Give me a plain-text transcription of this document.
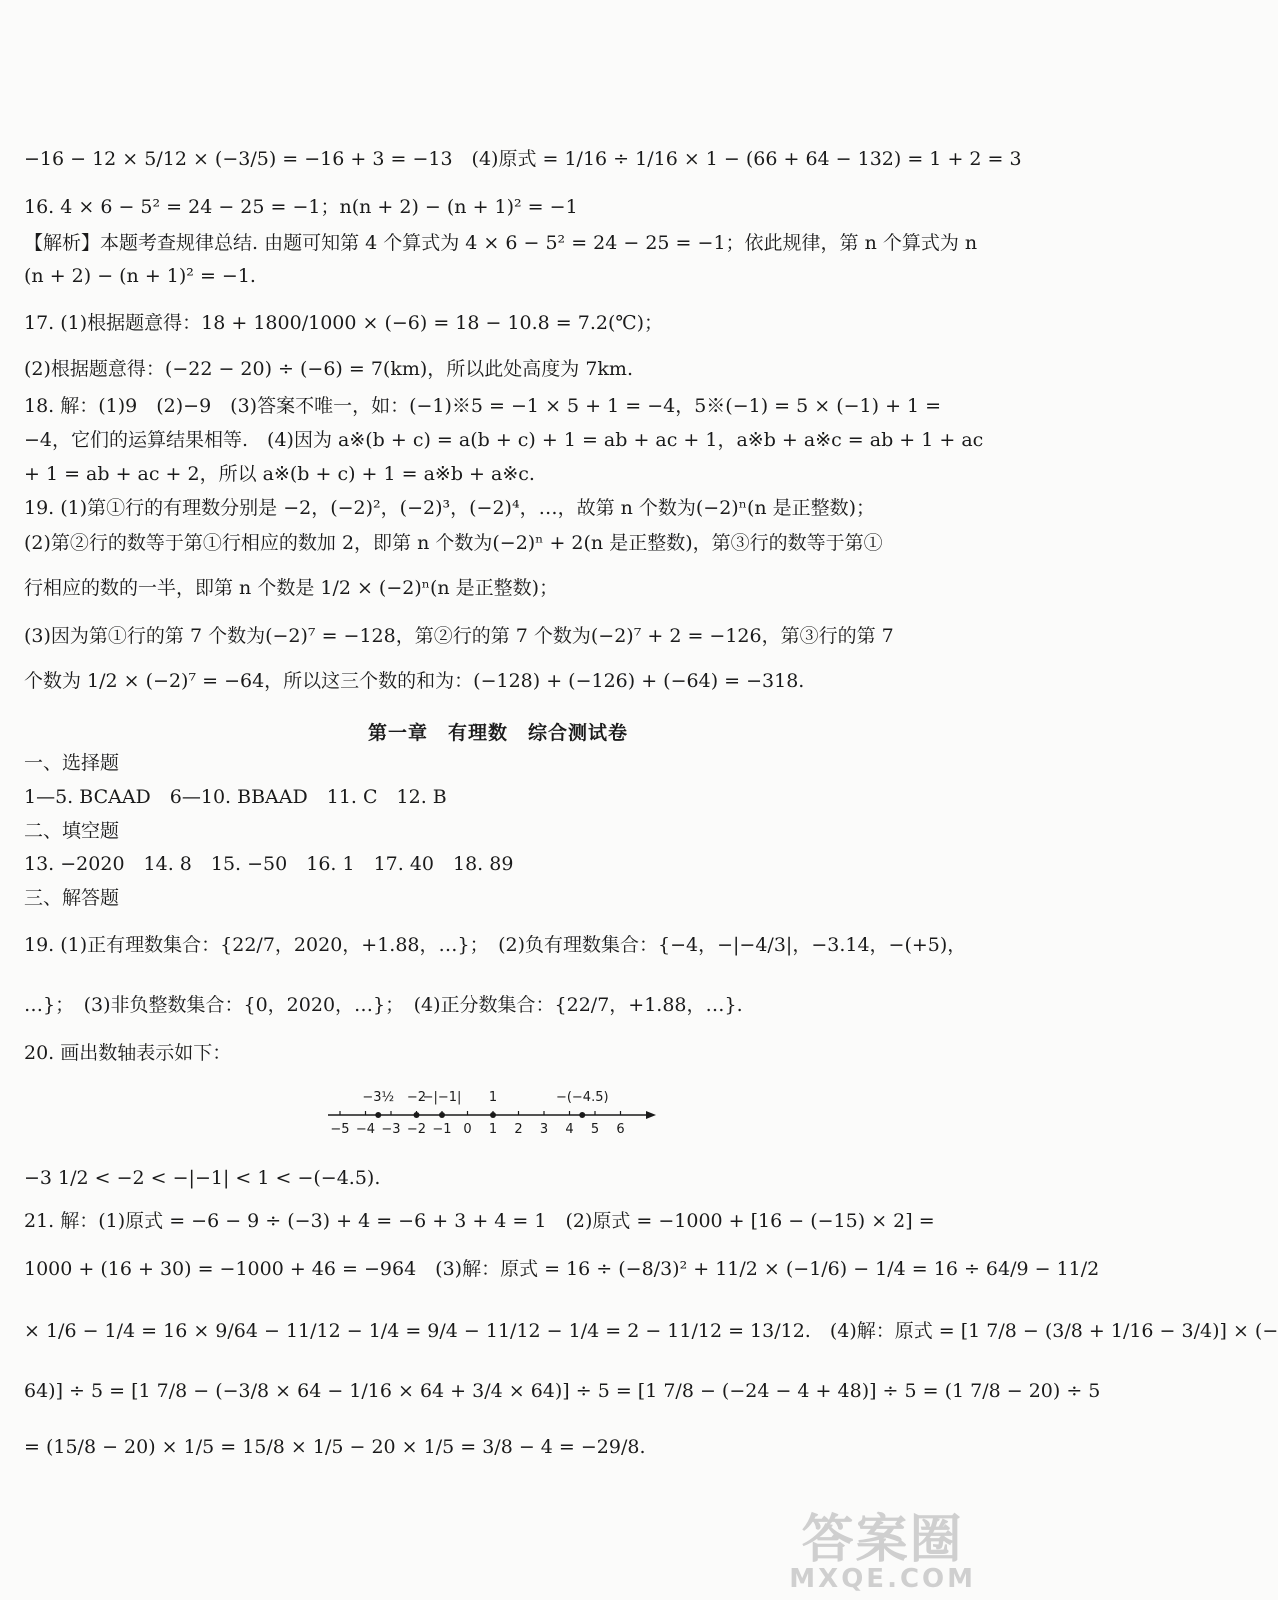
−16 − 12 × 5/12 × (−3/5) = −16 + 3 = −13　(4)原式 = 1/16 ÷ 1/16 × 1 − (66 + 64 − 132) = 1 + 2 = 3
16. 4 × 6 − 5² = 24 − 25 = −1；n(n + 2) − (n + 1)² = −1
【解析】本题考查规律总结. 由题可知第 4 个算式为 4 × 6 − 5² = 24 − 25 = −1；依此规律，第 n 个算式为 n
(n + 2) − (n + 1)² = −1.
17. (1)根据题意得：18 + 1800/1000 × (−6) = 18 − 10.8 = 7.2(℃)；
(2)根据题意得：(−22 − 20) ÷ (−6) = 7(km)，所以此处高度为 7km.
18. 解：(1)9　(2)−9　(3)答案不唯一，如：(−1)※5 = −1 × 5 + 1 = −4，5※(−1) = 5 × (−1) + 1 =
−4，它们的运算结果相等.　(4)因为 a※(b + c) = a(b + c) + 1 = ab + ac + 1，a※b + a※c = ab + 1 + ac
+ 1 = ab + ac + 2，所以 a※(b + c) + 1 = a※b + a※c.
19. (1)第①行的有理数分别是 −2，(−2)²，(−2)³，(−2)⁴，…，故第 n 个数为(−2)ⁿ(n 是正整数)；
(2)第②行的数等于第①行相应的数加 2，即第 n 个数为(−2)ⁿ + 2(n 是正整数)，第③行的数等于第①
行相应的数的一半，即第 n 个数是 1/2 × (−2)ⁿ(n 是正整数)；
(3)因为第①行的第 7 个数为(−2)⁷ = −128，第②行的第 7 个数为(−2)⁷ + 2 = −126，第③行的第 7
个数为 1/2 × (−2)⁷ = −64，所以这三个数的和为：(−128) + (−126) + (−64) = −318.
第一章　有理数　综合测试卷
一、选择题
1—5. BCAAD　6—10. BBAAD　11. C　12. B
二、填空题
13. −2020　14. 8　15. −50　16. 1　17. 40　18. 89
三、解答题
19. (1)正有理数集合：{22/7，2020，+1.88，…}；　(2)负有理数集合：{−4，−|−4/3|，−3.14，−(+5)，
…}；　(3)非负整数集合：{0，2020，…}；　(4)正分数集合：{22/7，+1.88，…}.
20. 画出数轴表示如下：
−5 −4 −3 −2 −1 0 1 2 3 4 5 6
−3½ −2
−|−1| 1	−(−4.5)
−3 1/2 < −2 < −|−1| < 1 < −(−4.5).
21. 解：(1)原式 = −6 − 9 ÷ (−3) + 4 = −6 + 3 + 4 = 1　(2)原式 = −1000 + [16 − (−15) × 2] =
1000 + (16 + 30) = −1000 + 46 = −964　(3)解：原式 = 16 ÷ (−8/3)² + 11/2 × (−1/6) − 1/4 = 16 ÷ 64/9 − 11/2
× 1/6 − 1/4 = 16 × 9/64 − 11/12 − 1/4 = 9/4 − 11/12 − 1/4 = 2 − 11/12 = 13/12.　(4)解：原式 = [1 7/8 − (3/8 + 1/16 − 3/4)] × (−
64)] ÷ 5 = [1 7/8 − (−3/8 × 64 − 1/16 × 64 + 3/4 × 64)] ÷ 5 = [1 7/8 − (−24 − 4 + 48)] ÷ 5 = (1 7/8 − 20) ÷ 5
= (15/8 − 20) × 1/5 = 15/8 × 1/5 − 20 × 1/5 = 3/8 − 4 = −29/8.
答案圈
MXQE.COM
